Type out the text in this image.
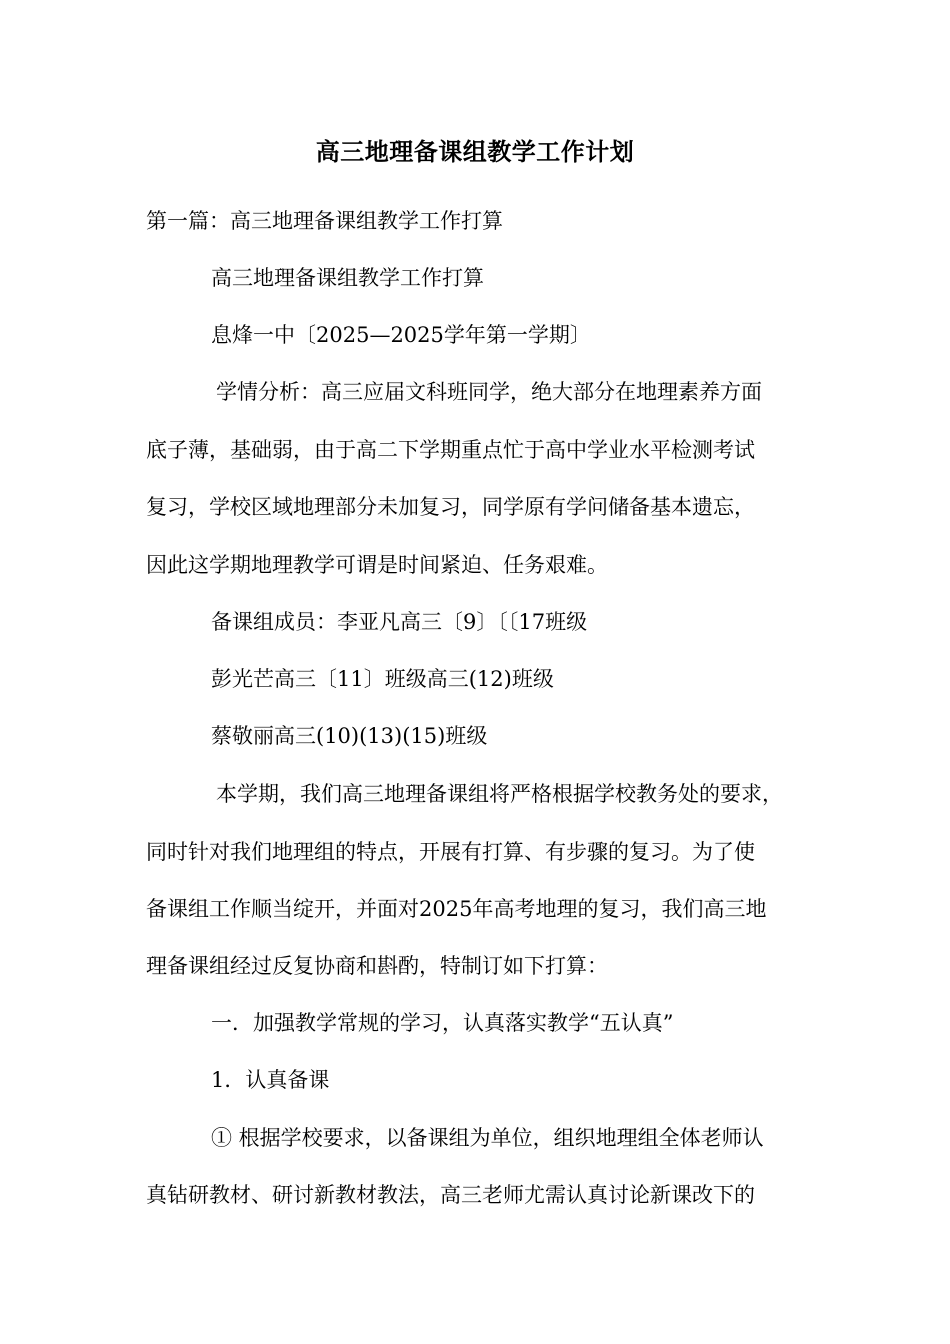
高三地理备课组教学工作计划

第一篇：高三地理备课组教学工作打算

高三地理备课组教学工作打算

息烽一中〔2025—2025学年第一学期〕

学情分析：高三应届文科班同学，绝大部分在地理素养方面

底子薄，基础弱，由于高二下学期重点忙于高中学业水平检测考试

复习，学校区域地理部分未加复习，同学原有学问储备基本遗忘，

因此这学期地理教学可谓是时间紧迫、任务艰难。

备课组成员：李亚凡高三〔9〕〔〔17班级

彭光芒高三〔11〕班级高三(12)班级

蔡敬丽高三(10)(13)(15)班级

本学期，我们高三地理备课组将严格根据学校教务处的要求，

同时针对我们地理组的特点，开展有打算、有步骤的复习。为了使

备课组工作顺当绽开，并面对2025年高考地理的复习，我们高三地

理备课组经过反复协商和斟酌，特制订如下打算：

一．加强教学常规的学习，认真落实教学“五认真”

1．认真备课

① 根据学校要求，以备课组为单位，组织地理组全体老师认

真钻研教材、研讨新教材教法，高三老师尤需认真讨论新课改下的
